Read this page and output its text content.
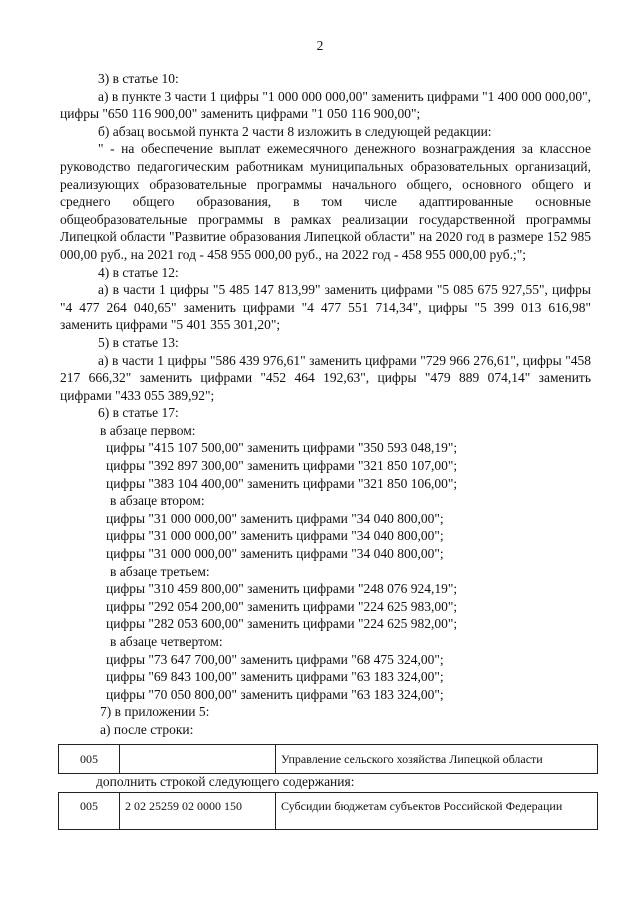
2

3) в статье 10:

а) в пункте 3 части 1 цифры "1 000 000 000,00" заменить цифрами "1 400 000 000,00", цифры "650 116 900,00" заменить цифрами "1 050 116 900,00";

б) абзац восьмой пункта 2 части 8 изложить в следующей редакции:

" - на обеспечение выплат ежемесячного денежного вознаграждения за классное руководство педагогическим работникам муниципальных образовательных организаций, реализующих образовательные программы начального общего, основного общего и среднего общего образования, в том числе адаптированные основные общеобразовательные программы в рамках реализации государственной программы Липецкой области "Развитие образования Липецкой области" на 2020 год в размере 152 985 000,00 руб., на 2021 год - 458 955 000,00 руб., на 2022 год - 458 955 000,00 руб.;";

4) в статье 12:

а) в части 1 цифры "5 485 147 813,99" заменить цифрами "5 085 675 927,55", цифры "4 477 264 040,65" заменить цифрами "4 477 551 714,34", цифры "5 399 013 616,98" заменить цифрами "5 401 355 301,20";

5) в статье 13:

а) в части 1 цифры "586 439 976,61" заменить цифрами "729 966 276,61", цифры "458 217 666,32" заменить цифрами "452 464 192,63", цифры "479 889 074,14" заменить цифрами "433 055 389,92";

6) в статье 17:

в абзаце первом:
цифры "415 107 500,00" заменить цифрами "350 593 048,19";
цифры "392 897 300,00" заменить цифрами "321 850 107,00";
цифры "383 104 400,00" заменить цифрами "321 850 106,00";
в абзаце втором:
цифры "31 000 000,00" заменить цифрами "34 040 800,00";
цифры "31 000 000,00" заменить цифрами "34 040 800,00";
цифры "31 000 000,00" заменить цифрами "34 040 800,00";
в абзаце третьем:
цифры "310 459 800,00" заменить цифрами "248 076 924,19";
цифры "292 054 200,00" заменить цифрами "224 625 983,00";
цифры "282 053 600,00" заменить цифрами "224 625 982,00";
в абзаце четвертом:
цифры "73 647 700,00" заменить цифрами "68 475 324,00";
цифры "69 843 100,00" заменить цифрами "63 183 324,00";
цифры "70 050 800,00" заменить цифрами "63 183 324,00";
7) в приложении 5:
а) после строки:
005		Управление сельского хозяйства Липецкой области
дополнить строкой следующего содержания:
005	2 02 25259 02 0000 150	Субсидии бюджетам субъектов Российской Федерации
